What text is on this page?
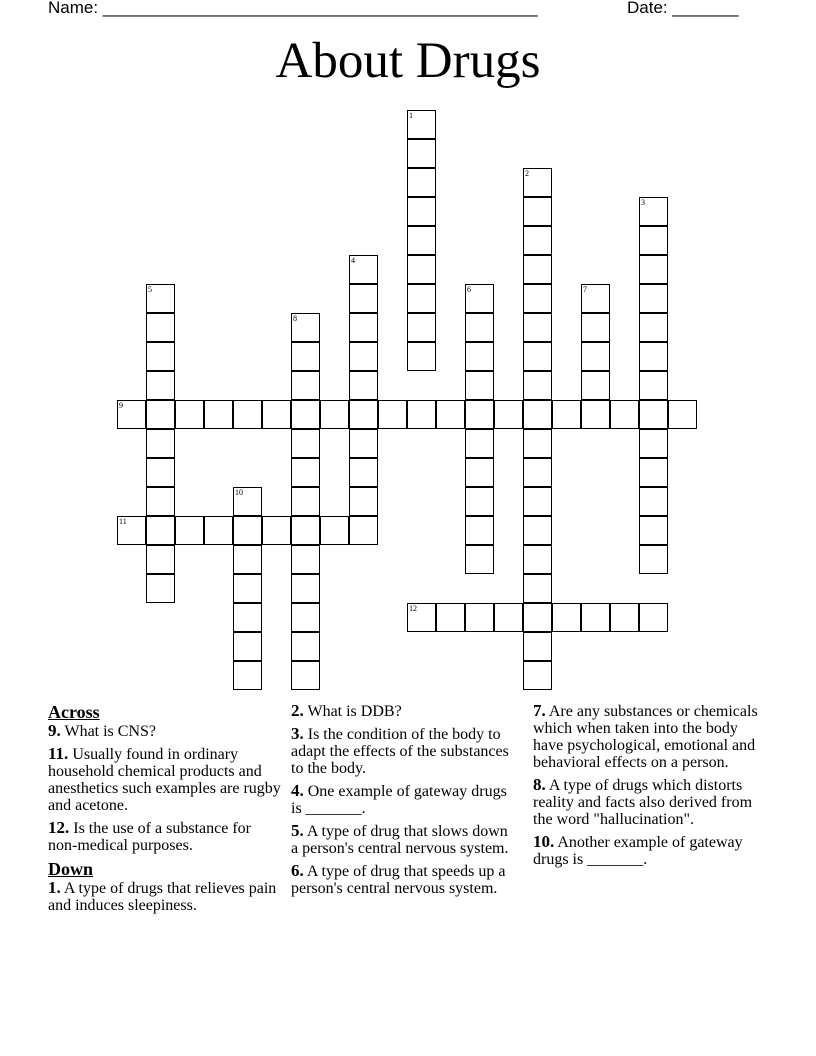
Name: ______________________________________________	Date: _______
About Drugs
1
2
3
4
5	6	7
8
9
10
11
12
Across
9. What is CNS?
11. Usually found in ordinary household chemical products and anesthetics such examples are rugby and acetone.
12. Is the use of a substance for non-medical purposes.
Down
1. A type of drugs that relieves pain and induces sleepiness.
2. What is DDB?
3. Is the condition of the body to adapt the effects of the substances to the body.
4. One example of gateway drugs is _______.
5. A type of drug that slows down a person's central nervous system.
6. A type of drug that speeds up a person's central nervous system.
7. Are any substances or chemicals which when taken into the body have psychological, emotional and behavioral effects on a person.
8. A type of drugs which distorts reality and facts also derived from the word "hallucination".
10. Another example of gateway drugs is _______.
